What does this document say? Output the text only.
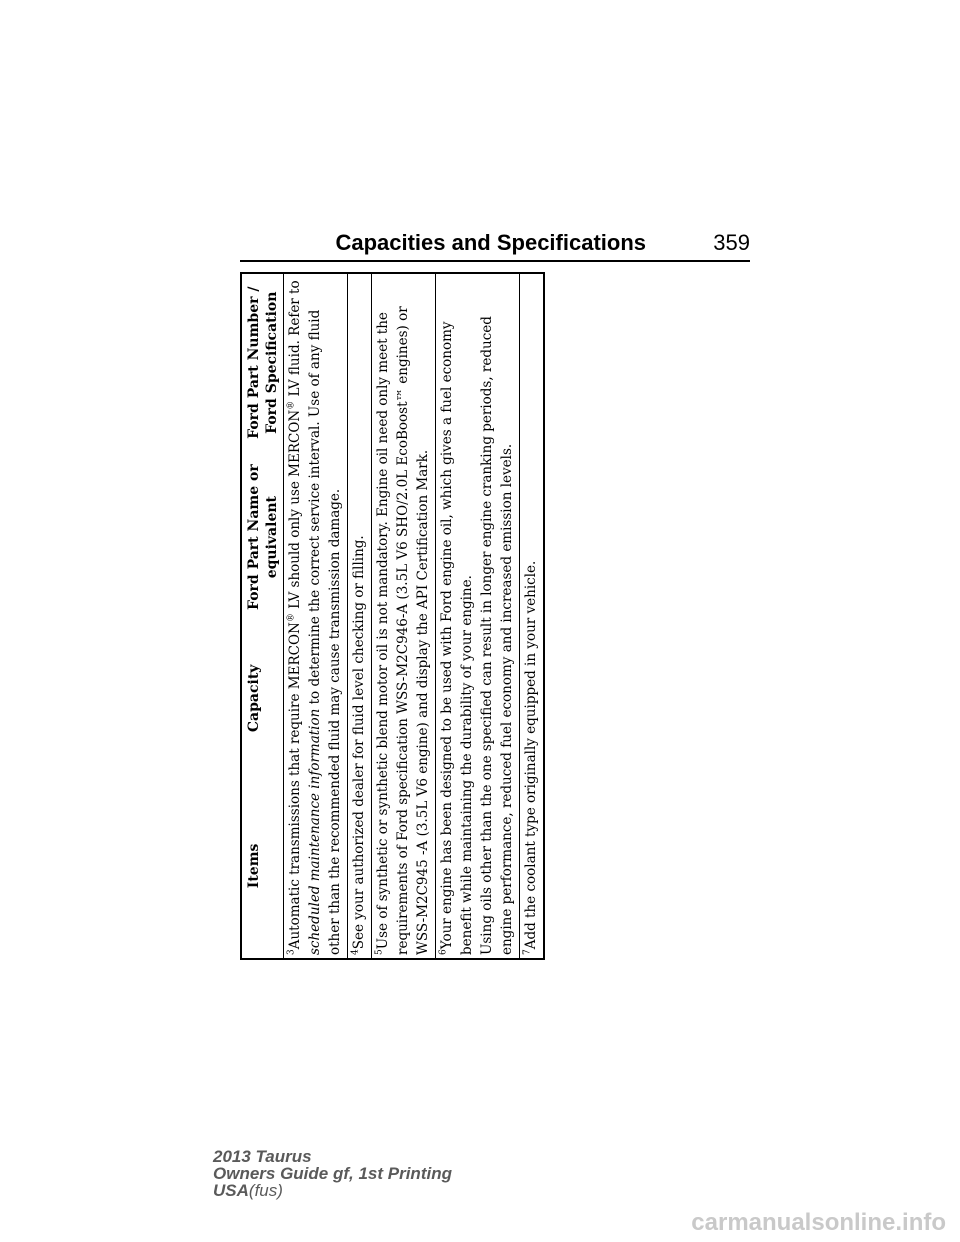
Capacities and Specifications	359
Items	Capacity	Ford Part Name or equivalent	Ford Part Number / Ford Specification
$^3$Automatic transmissions that require MERCON® LV should only use MERCON® LV fluid. Refer to scheduled maintenance information to determine the correct service interval. Use of any fluid other than the recommended fluid may cause transmission damage.
$^4$See your authorized dealer for fluid level checking or filling.
$^5$Use of synthetic or synthetic blend motor oil is not mandatory. Engine oil need only meet the requirements of Ford specification WSS-M2C946-A (3.5L V6 SHO/2.0L EcoBoost™ engines) or WSS-M2C945 -A (3.5L V6 engine) and display the API Certification Mark.

$^6$Your engine has been designed to be used with Ford engine oil, which gives a fuel economy benefit while maintaining the durability of your engine. Using oils other than the one specified can result in longer engine cranking periods, reduced engine performance, reduced fuel economy and increased emission levels.

$^7$Add the coolant type originally equipped in your vehicle.
2013 Taurus
Owners Guide gf, 1st Printing
USA(fus)
carmanualsonline.info
